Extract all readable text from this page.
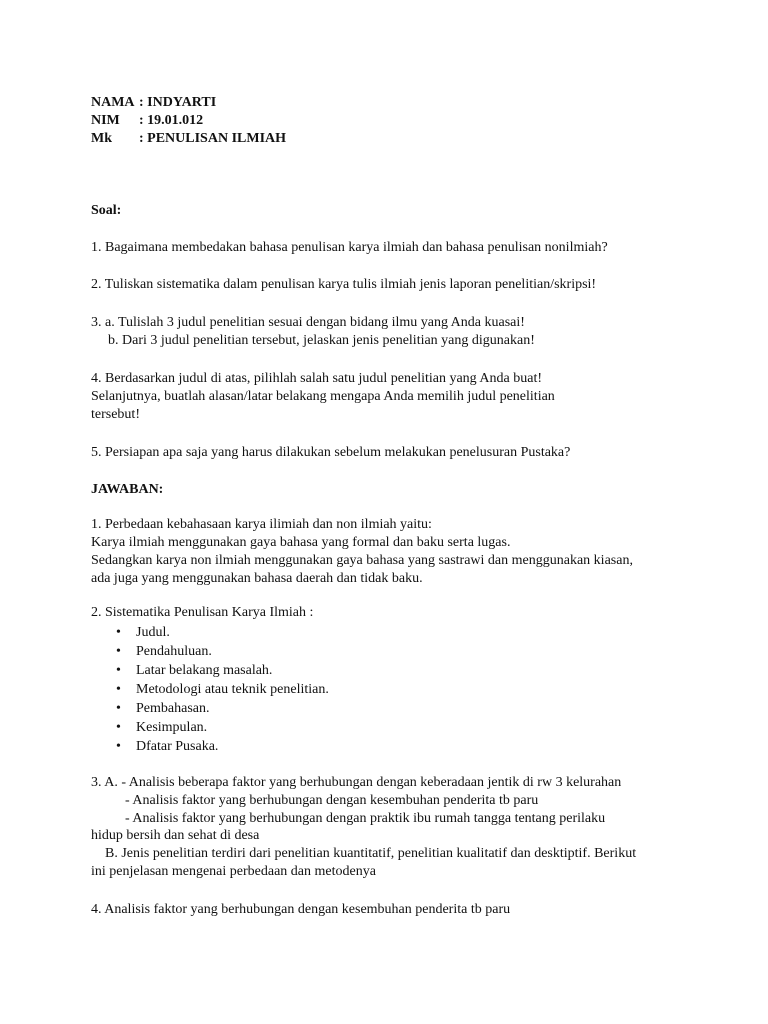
NAMA : INDYARTI
NIM : 19.01.012
Mk : PENULISAN ILMIAH
Soal:
1. Bagaimana membedakan bahasa penulisan karya ilmiah dan bahasa penulisan nonilmiah?
2. Tuliskan sistematika dalam penulisan karya tulis ilmiah jenis laporan penelitian/skripsi!
3. a. Tulislah 3 judul penelitian sesuai dengan bidang ilmu yang Anda kuasai!
b. Dari 3 judul penelitian tersebut, jelaskan jenis penelitian yang digunakan!
4. Berdasarkan judul di atas, pilihlah salah satu judul penelitian yang Anda buat!
Selanjutnya, buatlah alasan/latar belakang mengapa Anda memilih judul penelitian
tersebut!
5. Persiapan apa saja yang harus dilakukan sebelum melakukan penelusuran Pustaka?
JAWABAN:
1. Perbedaan kebahasaan karya ilimiah dan non ilmiah yaitu:
Karya ilmiah menggunakan gaya bahasa yang formal dan baku serta lugas.
Sedangkan karya non ilmiah menggunakan gaya bahasa yang sastrawi dan menggunakan kiasan,
ada juga yang menggunakan bahasa daerah dan tidak baku.
2. Sistematika Penulisan Karya Ilmiah :
• Judul.
• Pendahuluan.
• Latar belakang masalah.
• Metodologi atau teknik penelitian.
• Pembahasan.
• Kesimpulan.
• Dfatar Pusaka.
3. A. - Analisis beberapa faktor yang berhubungan dengan keberadaan jentik di rw 3 kelurahan
- Analisis faktor yang berhubungan dengan kesembuhan penderita tb paru
- Analisis faktor yang berhubungan dengan praktik ibu rumah tangga tentang perilaku
hidup bersih dan sehat di desa
B. Jenis penelitian terdiri dari penelitian kuantitatif, penelitian kualitatif dan desktiptif. Berikut
ini penjelasan mengenai perbedaan dan metodenya
4. Analisis faktor yang berhubungan dengan kesembuhan penderita tb paru
